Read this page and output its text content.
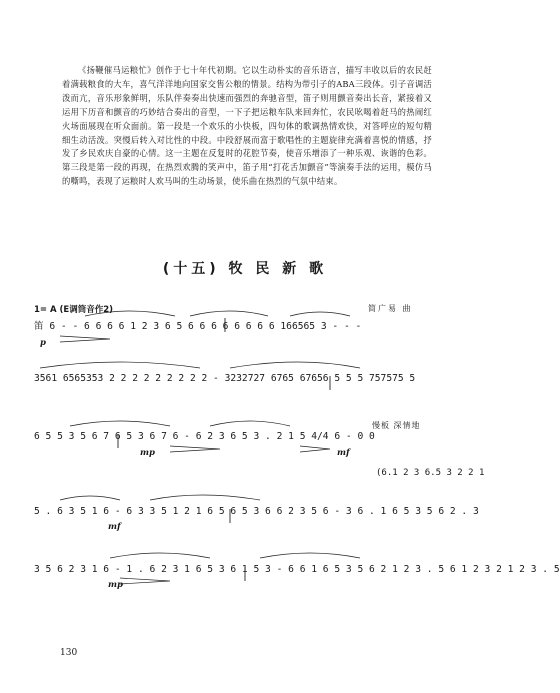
《扬鞭催马运粮忙》创作于七十年代初期。它以生动朴实的音乐语言，描写丰收以后的农民赶着满载粮食的大车，喜气洋洋地向国家交售公粮的情景。结构为带引子的ABA三段体。引子音调活泼而亢，音乐形象鲜明，乐队伴奏奏出快速而强烈的奔驰音型，笛子则用颤音奏出长音，紧接着又运用下历音和颤音的巧妙结合奏出的音型，一下子把运粮车队来回奔忙，农民吆喝着赶马的热闹红火场面展现在听众面前。第一段是一个欢乐的小快板，四句体的歌调热情欢快，对答呼应的短句精细生动活泼。突慢后转入对比性的中段。中段舒展而富于歌唱性的主题旋律充满着喜悦的情感，抒发了乡民欢庆自豪的心情。这一主题在反复时的花腔节奏，使音乐增添了一种乐观、诙谐的色彩。第三段是第一段的再现，在热烈欢腾的笑声中，笛子用“打花舌加颤音”等演奏手法的运用，模仿马的嘶鸣，表现了运粮时人欢马叫的生动场景，使乐曲在热烈的气氛中结束。
(十五) 牧 民 新 歌
1= A (E调筒音作2)	简广易 曲
笛 6 - - 6 6 6 6 1 2 3 6 5 6 6 6 6 6 6 6 6 166565 3 - - -
p
3561 6565353 2 2 2 2 2 2 2 2 2 - 3232727 6765 67656 5 5 5 757575 5
慢板 深情地
6 5 5 3 5 6 7 6 5 3 6 7 6 - 6 2 3 6 5 3 . 2 1 5 4/4 6 - 0 0
mp	mf
(6.1 2 3 6.5 3 2 2 1
5 . 6 3 5 1 6 - 6 3 3 5 1 2 1 6 5 6 5 3 6 6 2 3 5 6 - 3 6 . 1 6 5 3 5 6 2 . 3
mf
3 5 6 2 3 1 6 - 1 . 6 2 3 1 6 5 3 6 1 5 3 - 6 6 1 6 5 3 5 6 2 1 2 3 . 5 6 1 2 3 2 1 2 3 . 5
mp
130
